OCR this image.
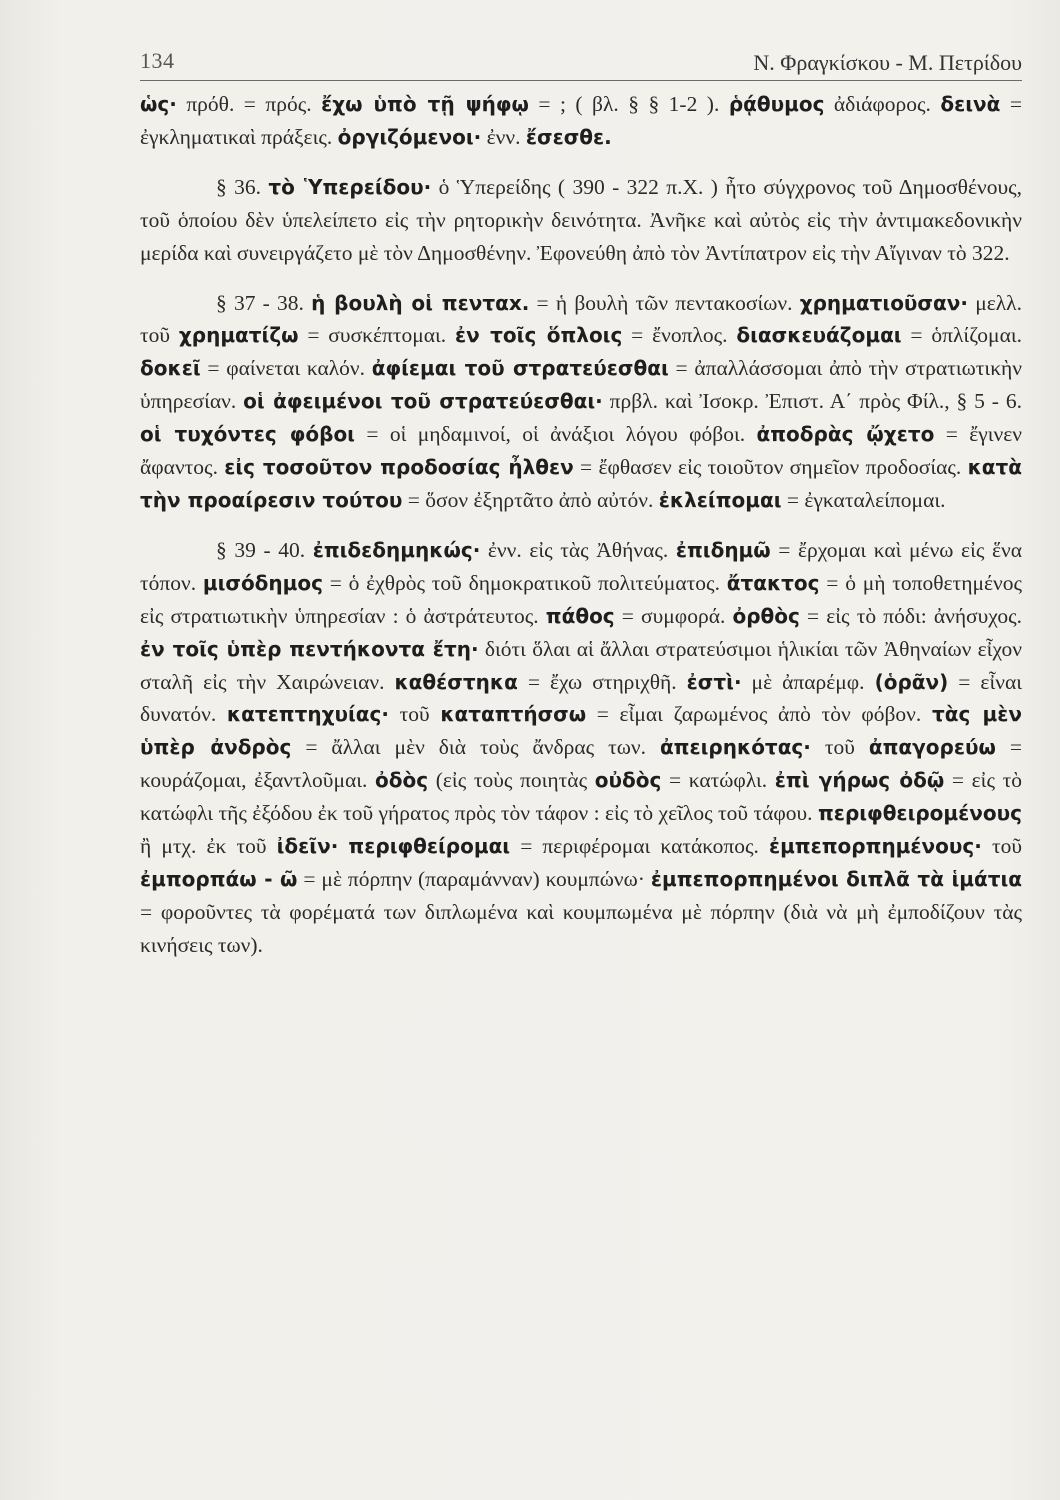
134	Ν. Φραγκίσκου - Μ. Πετρίδου

ὡς· πρόθ. = πρός. ἔχω ὑπὸ τῇ ψήφῳ = ; ( βλ. § § 1-2 ). ῥᾴθυμος ἀδιάφορος. δεινὰ = ἐγκληματικαὶ πράξεις. ὀργιζόμενοι· ἐνν. ἔσεσθε.

§ 36. τὸ Ὑπερείδου· ὁ Ὑπερείδης ( 390 - 322 π.Χ. ) ἦτο σύγχρονος τοῦ Δημοσθένους, τοῦ ὁποίου δὲν ὑπελείπετο εἰς τὴν ρητορικὴν δεινότητα. Ἀνῆκε καὶ αὐτὸς εἰς τὴν ἀντιμακεδονικὴν μερίδα καὶ συνειργάζετο μὲ τὸν Δημοσθένην. Ἐφονεύθη ἀπὸ τὸν Ἀντίπατρον εἰς τὴν Αἴγιναν τὸ 322.

§ 37 - 38. ἡ βουλὴ οἱ πενταx. = ἡ βουλὴ τῶν πεντακοσίων. χρηματιοῦσαν· μελλ. τοῦ χρηματίζω = συσκέπτομαι. ἐν τοῖς ὅπλοις = ἔνοπλος. διασκευάζομαι = ὁπλίζομαι. δοκεῖ = φαίνεται καλόν. ἀφίεμαι τοῦ στρατεύεσθαι = ἀπαλλάσσομαι ἀπὸ τὴν στρατιωτικὴν ὑπηρεσίαν. οἱ ἀφειμένοι τοῦ στρατεύεσθαι· πρβλ. καὶ Ἰσοκρ. Ἐπιστ. Α΄ πρὸς Φίλ., § 5 - 6. οἱ τυχόντες φόβοι = οἱ μηδαμινοί, οἱ ἀνάξιοι λόγου φόβοι. ἀποδρὰς ᾤχετο = ἔγινεν ἄφαντος. εἰς τοσοῦτον προδοσίας ἦλθεν = ἔφθασεν εἰς τοιοῦτον σημεῖον προδοσίας. κατὰ τὴν προαίρεσιν τούτου = ὅσον ἐξηρτᾶτο ἀπὸ αὐτόν. ἐκλείπομαι = ἐγκαταλείπομαι.

§ 39 - 40. ἐπιδεδημηκώς· ἐνν. εἰς τὰς Ἀθήνας. ἐπιδημῶ = ἔρχομαι καὶ μένω εἰς ἕνα τόπον. μισόδημος = ὁ ἐχθρὸς τοῦ δημοκρατικοῦ πολιτεύματος. ἄτακτος = ὁ μὴ τοποθετημένος εἰς στρατιωτικὴν ὑπηρεσίαν : ὁ ἀστράτευτος. πάθος = συμφορά. ὀρθὸς = εἰς τὸ πόδι: ἀνήσυχος. ἐν τοῖς ὑπὲρ πεντήκοντα ἔτη· διότι ὅλαι αἱ ἄλλαι στρατεύσιμοι ἡλικίαι τῶν Ἀθηναίων εἶχον σταλῆ εἰς τὴν Χαιρώνειαν. καθέστηκα = ἔχω στηριχθῆ. ἐστὶ· μὲ ἀπαρέμφ. (ὁρᾶν) = εἶναι δυνατόν. κατεπτηχυίας· τοῦ καταπτήσσω = εἶμαι ζαρωμένος ἀπὸ τὸν φόβον. τὰς μὲν ὑπὲρ ἀνδρὸς = ἄλλαι μὲν διὰ τοὺς ἄνδρας των. ἀπειρηκότας· τοῦ ἀπαγορεύω = κουράζομαι, ἐξαντλοῦμαι. ὀδὸς (εἰς τοὺς ποιητὰς οὐδὸς = κατώφλι. ἐπὶ γήρως ὀδῷ = εἰς τὸ κατώφλι τῆς ἐξόδου ἐκ τοῦ γήρατος πρὸς τὸν τάφον : εἰς τὸ χεῖλος τοῦ τάφου. περιφθειρομένους ἢ μτχ. ἐκ τοῦ ἰδεῖν· περιφθείρομαι = περιφέρομαι κατάκοπος. ἐμπεπορπημένους· τοῦ ἐμπορπάω - ῶ = μὲ πόρπην (παραμάνναν) κουμπώνω· ἐμπεπορπημένοι διπλᾶ τὰ ἱμάτια = φοροῦντες τὰ φορέματά των διπλωμένα καὶ κουμπωμένα μὲ πόρπην (διὰ νὰ μὴ ἐμποδίζουν τὰς κινήσεις των).
